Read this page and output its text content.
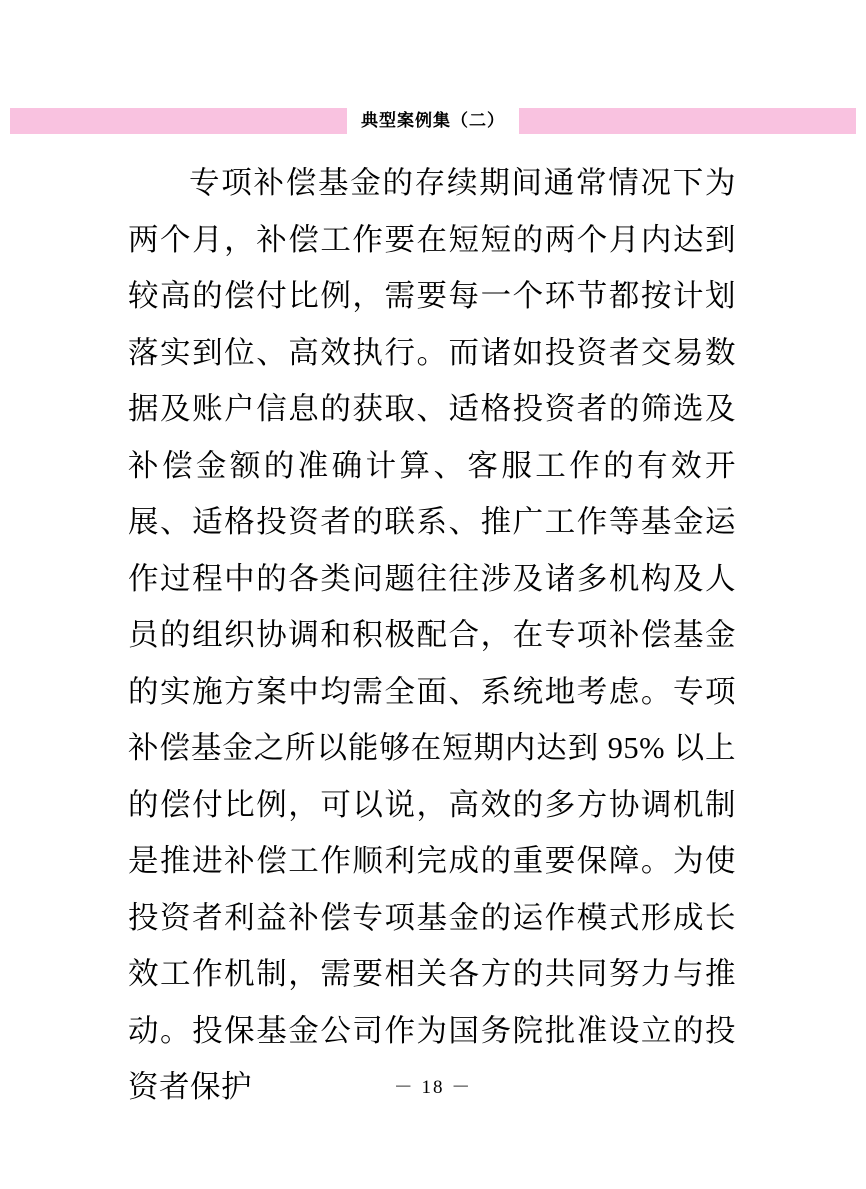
典型案例集（二）

专项补偿基金的存续期间通常情况下为两个月，补偿工作要在短短的两个月内达到较高的偿付比例，需要每一个环节都按计划落实到位、高效执行。而诸如投资者交易数据及账户信息的获取、适格投资者的筛选及补偿金额的准确计算、客服工作的有效开展、适格投资者的联系、推广工作等基金运作过程中的各类问题往往涉及诸多机构及人员的组织协调和积极配合，在专项补偿基金的实施方案中均需全面、系统地考虑。专项补偿基金之所以能够在短期内达到 95% 以上的偿付比例，可以说，高效的多方协调机制是推进补偿工作顺利完成的重要保障。为使投资者利益补偿专项基金的运作模式形成长效工作机制，需要相关各方的共同努力与推动。投保基金公司作为国务院批准设立的投资者保护	－ 18 －
